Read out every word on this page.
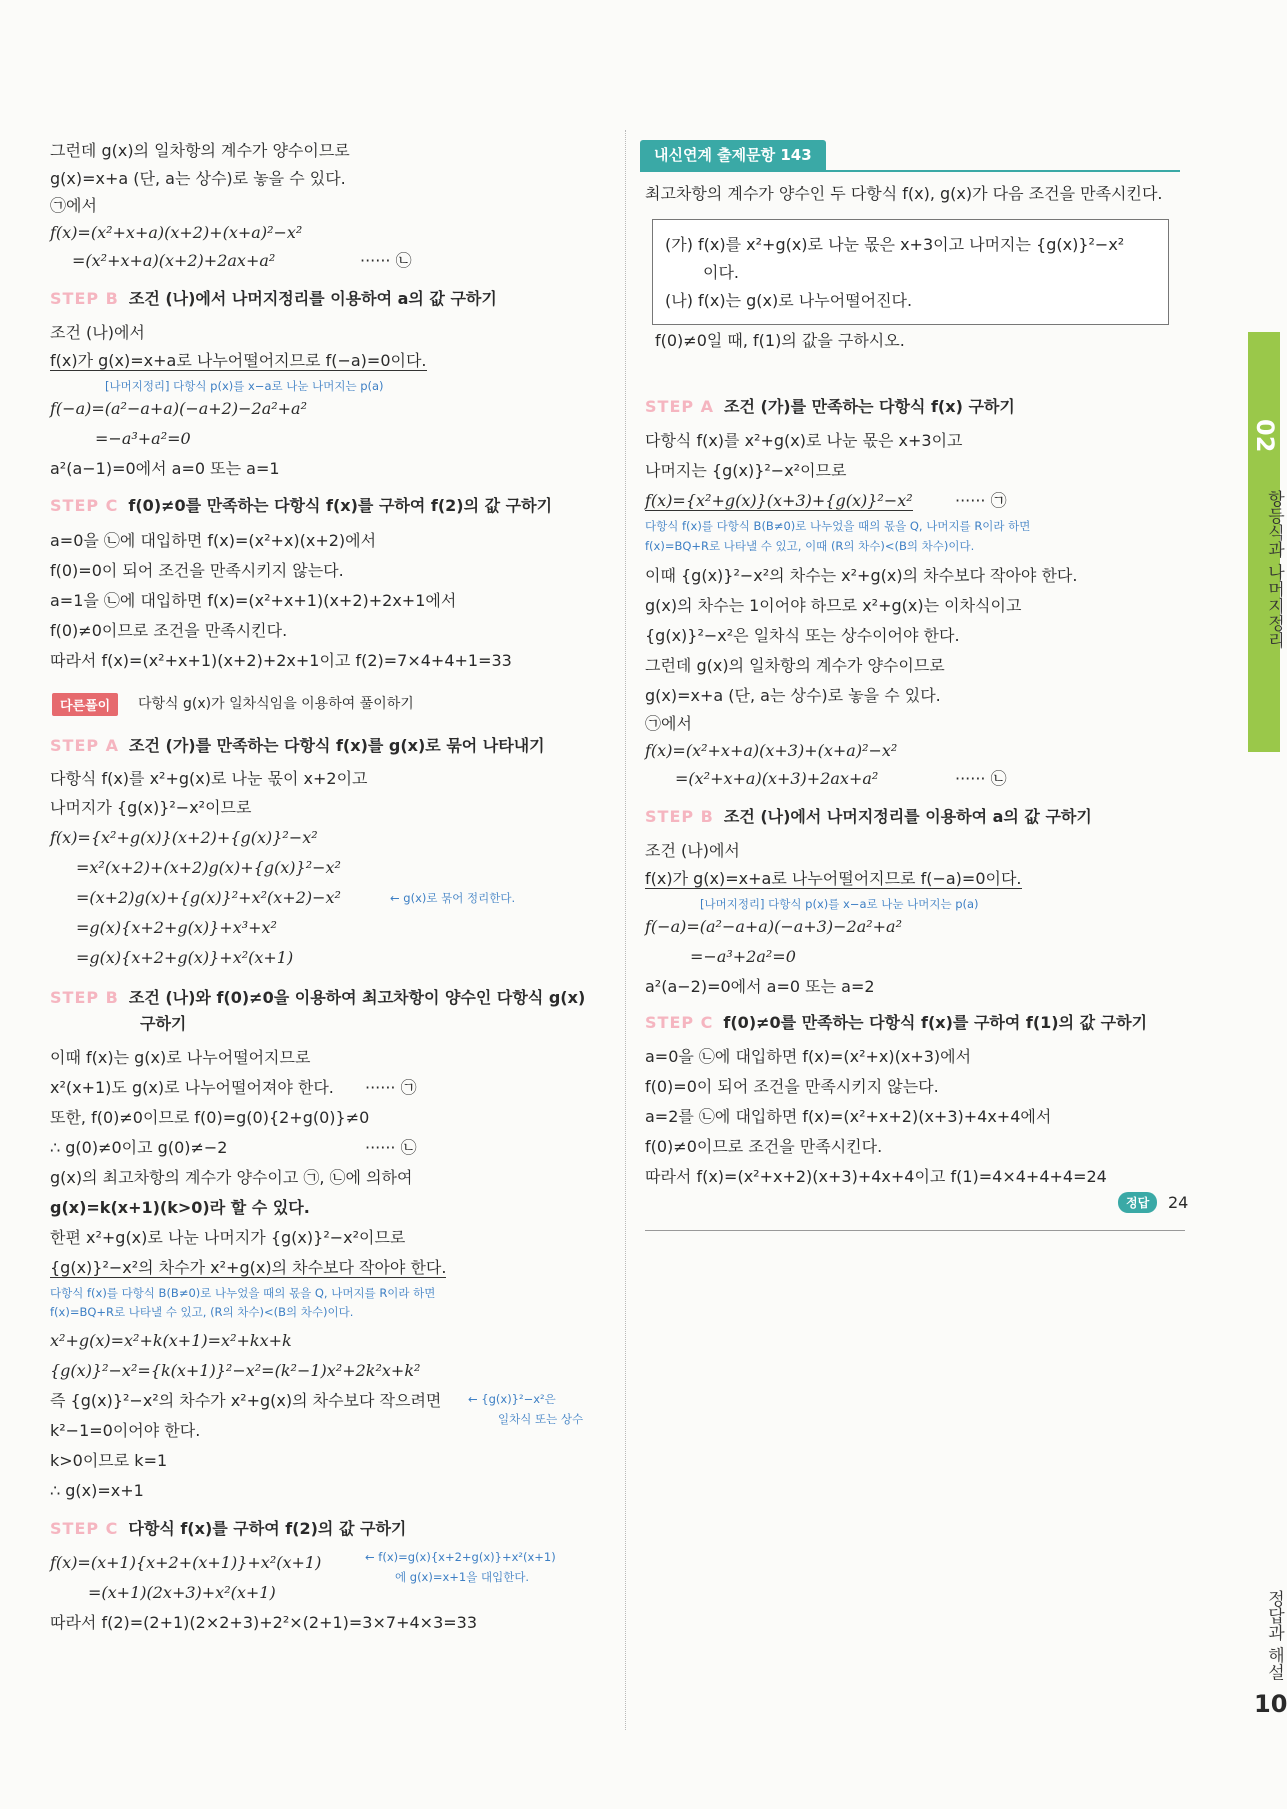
그런데 g(x)의 일차항의 계수가 양수이므로
g(x)=x+a (단, a는 상수)로 놓을 수 있다.
㉠에서
f(x)=(x²+x+a)(x+2)+(x+a)²−x²
=(x²+x+a)(x+2)+2ax+a²	······ ㉡
STEP B 조건 (나)에서 나머지정리를 이용하여 a의 값 구하기
조건 (나)에서
f(x)가 g(x)=x+a로 나누어떨어지므로 f(−a)=0이다.
[나머지정리] 다항식 p(x)를 x−a로 나눈 나머지는 p(a)
f(−a)=(a²−a+a)(−a+2)−2a²+a²
=−a³+a²=0
a²(a−1)=0에서 a=0 또는 a=1
STEP C f(0)≠0를 만족하는 다항식 f(x)를 구하여 f(2)의 값 구하기
a=0을 ㉡에 대입하면 f(x)=(x²+x)(x+2)에서
f(0)=0이 되어 조건을 만족시키지 않는다.
a=1을 ㉡에 대입하면 f(x)=(x²+x+1)(x+2)+2x+1에서
f(0)≠0이므로 조건을 만족시킨다.
따라서 f(x)=(x²+x+1)(x+2)+2x+1이고 f(2)=7×4+4+1=33
다른풀이	다항식 g(x)가 일차식임을 이용하여 풀이하기
STEP A 조건 (가)를 만족하는 다항식 f(x)를 g(x)로 묶어 나타내기
다항식 f(x)를 x²+g(x)로 나눈 몫이 x+2이고
나머지가 {g(x)}²−x²이므로
f(x)={x²+g(x)}(x+2)+{g(x)}²−x²
=x²(x+2)+(x+2)g(x)+{g(x)}²−x²
=(x+2)g(x)+{g(x)}²+x²(x+2)−x²	← g(x)로 묶어 정리한다.
=g(x){x+2+g(x)}+x³+x²
=g(x){x+2+g(x)}+x²(x+1)
STEP B 조건 (나)와 f(0)≠0을 이용하여 최고차항이 양수인 다항식 g(x)
구하기
이때 f(x)는 g(x)로 나누어떨어지므로
x²(x+1)도 g(x)로 나누어떨어져야 한다. ······ ㉠
또한, f(0)≠0이므로 f(0)=g(0){2+g(0)}≠0
∴ g(0)≠0이고 g(0)≠−2	······ ㉡
g(x)의 최고차항의 계수가 양수이고 ㉠, ㉡에 의하여
g(x)=k(x+1)(k>0)라 할 수 있다.
한편 x²+g(x)로 나눈 나머지가 {g(x)}²−x²이므로
{g(x)}²−x²의 차수가 x²+g(x)의 차수보다 작아야 한다.
다항식 f(x)를 다항식 B(B≠0)로 나누었을 때의 몫을 Q, 나머지를 R이라 하면
f(x)=BQ+R로 나타낼 수 있고, (R의 차수)<(B의 차수)이다.
x²+g(x)=x²+k(x+1)=x²+kx+k
{g(x)}²−x²={k(x+1)}²−x²=(k²−1)x²+2k²x+k²
즉 {g(x)}²−x²의 차수가 x²+g(x)의 차수보다 작으려면 ← {g(x)}²−x²은
일차식 또는 상수
k²−1=0이어야 한다.
k>0이므로 k=1
∴ g(x)=x+1
STEP C 다항식 f(x)를 구하여 f(2)의 값 구하기
f(x)=(x+1){x+2+(x+1)}+x²(x+1)	← f(x)=g(x){x+2+g(x)}+x²(x+1)
에 g(x)=x+1을 대입한다.
=(x+1)(2x+3)+x²(x+1)
따라서 f(2)=(2+1)(2×2+3)+2²×(2+1)=3×7+4×3=33
내신연계 출제문항 143
최고차항의 계수가 양수인 두 다항식 f(x), g(x)가 다음 조건을 만족시킨다.
f(0)≠0일 때, f(1)의 값을 구하시오.
STEP A 조건 (가)를 만족하는 다항식 f(x) 구하기
다항식 f(x)를 x²+g(x)로 나눈 몫은 x+3이고
나머지는 {g(x)}²−x²이므로
f(x)={x²+g(x)}(x+3)+{g(x)}²−x²	······ ㉠
다항식 f(x)를 다항식 B(B≠0)로 나누었을 때의 몫을 Q, 나머지를 R이라 하면
f(x)=BQ+R로 나타낼 수 있고, 이때 (R의 차수)<(B의 차수)이다.
이때 {g(x)}²−x²의 차수는 x²+g(x)의 차수보다 작아야 한다.
g(x)의 차수는 1이어야 하므로 x²+g(x)는 이차식이고
{g(x)}²−x²은 일차식 또는 상수이어야 한다.
그런데 g(x)의 일차항의 계수가 양수이므로
g(x)=x+a (단, a는 상수)로 놓을 수 있다.
㉠에서
f(x)=(x²+x+a)(x+3)+(x+a)²−x²
=(x²+x+a)(x+3)+2ax+a²	······ ㉡
STEP B 조건 (나)에서 나머지정리를 이용하여 a의 값 구하기
조건 (나)에서
f(x)가 g(x)=x+a로 나누어떨어지므로 f(−a)=0이다.
[나머지정리] 다항식 p(x)를 x−a로 나눈 나머지는 p(a)
f(−a)=(a²−a+a)(−a+3)−2a²+a²
=−a³+2a²=0
a²(a−2)=0에서 a=0 또는 a=2
STEP C f(0)≠0를 만족하는 다항식 f(x)를 구하여 f(1)의 값 구하기
a=0을 ㉡에 대입하면 f(x)=(x²+x)(x+3)에서
f(0)=0이 되어 조건을 만족시키지 않는다.
a=2를 ㉡에 대입하면 f(x)=(x²+x+2)(x+3)+4x+4에서
f(0)≠0이므로 조건을 만족시킨다.
따라서 f(x)=(x²+x+2)(x+3)+4x+4이고 f(1)=4×4+4+4=24
(가) f(x)를 x²+g(x)로 나눈 몫은 x+3이고 나머지는 {g(x)}²−x²
이다.
(나) f(x)는 g(x)로 나누어떨어진다.
정답	24
02
항등식과 나머지정리
정답과 해설
10
